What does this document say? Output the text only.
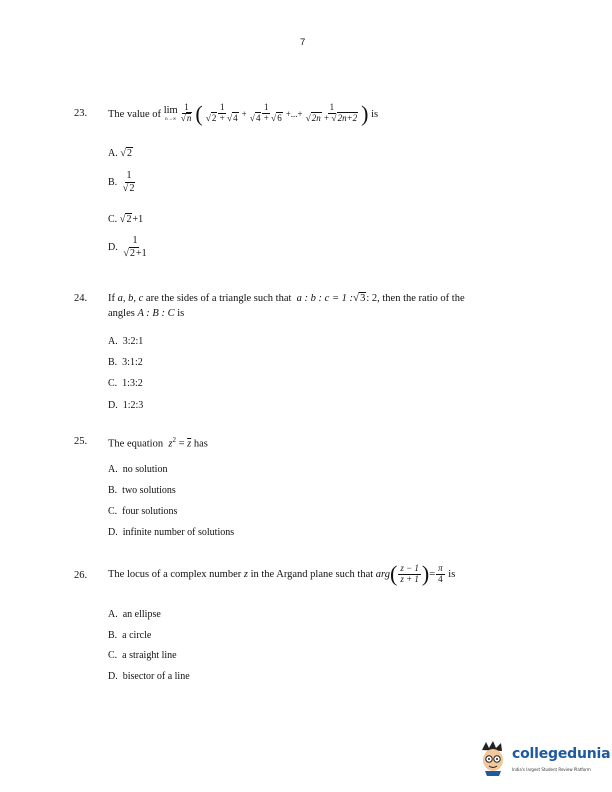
7
23. The value of
lim
$n\to\infty \frac{1}{√n}$ ( $\frac{1}{√2 + √4} + \frac{1}{√4 + √6}$ +...+ $\frac{1}{√2n + √2n+2}$ )
is
A.
√2
B.
$\frac{1}{√2}$
C.
√2 +1
D.
$\frac{1}{√2+1}$
24. If a, b, c are the sides of a triangle such that a : b : c = 1 :√3: 2, then the ratio of the
angles A : B : C is
A. 3:2:1
B. 3:1:2
C. 1:3:2
D. 1:2:3
25. The equation $z^2 = \overline{z}$ has
A. no solution
B. two solutions
C. four solutions
D. infinite number of solutions
26. The locus of a complex number
z
in the Argand plane such that
arg ( $\frac{z - 1}{z + 1}$ ) = $\frac{\pi}{4}$
is
A. an ellipse
B. a circle
C. a straight line
D. bisector of a line
collegedunia
India's largest Student Review Platform
